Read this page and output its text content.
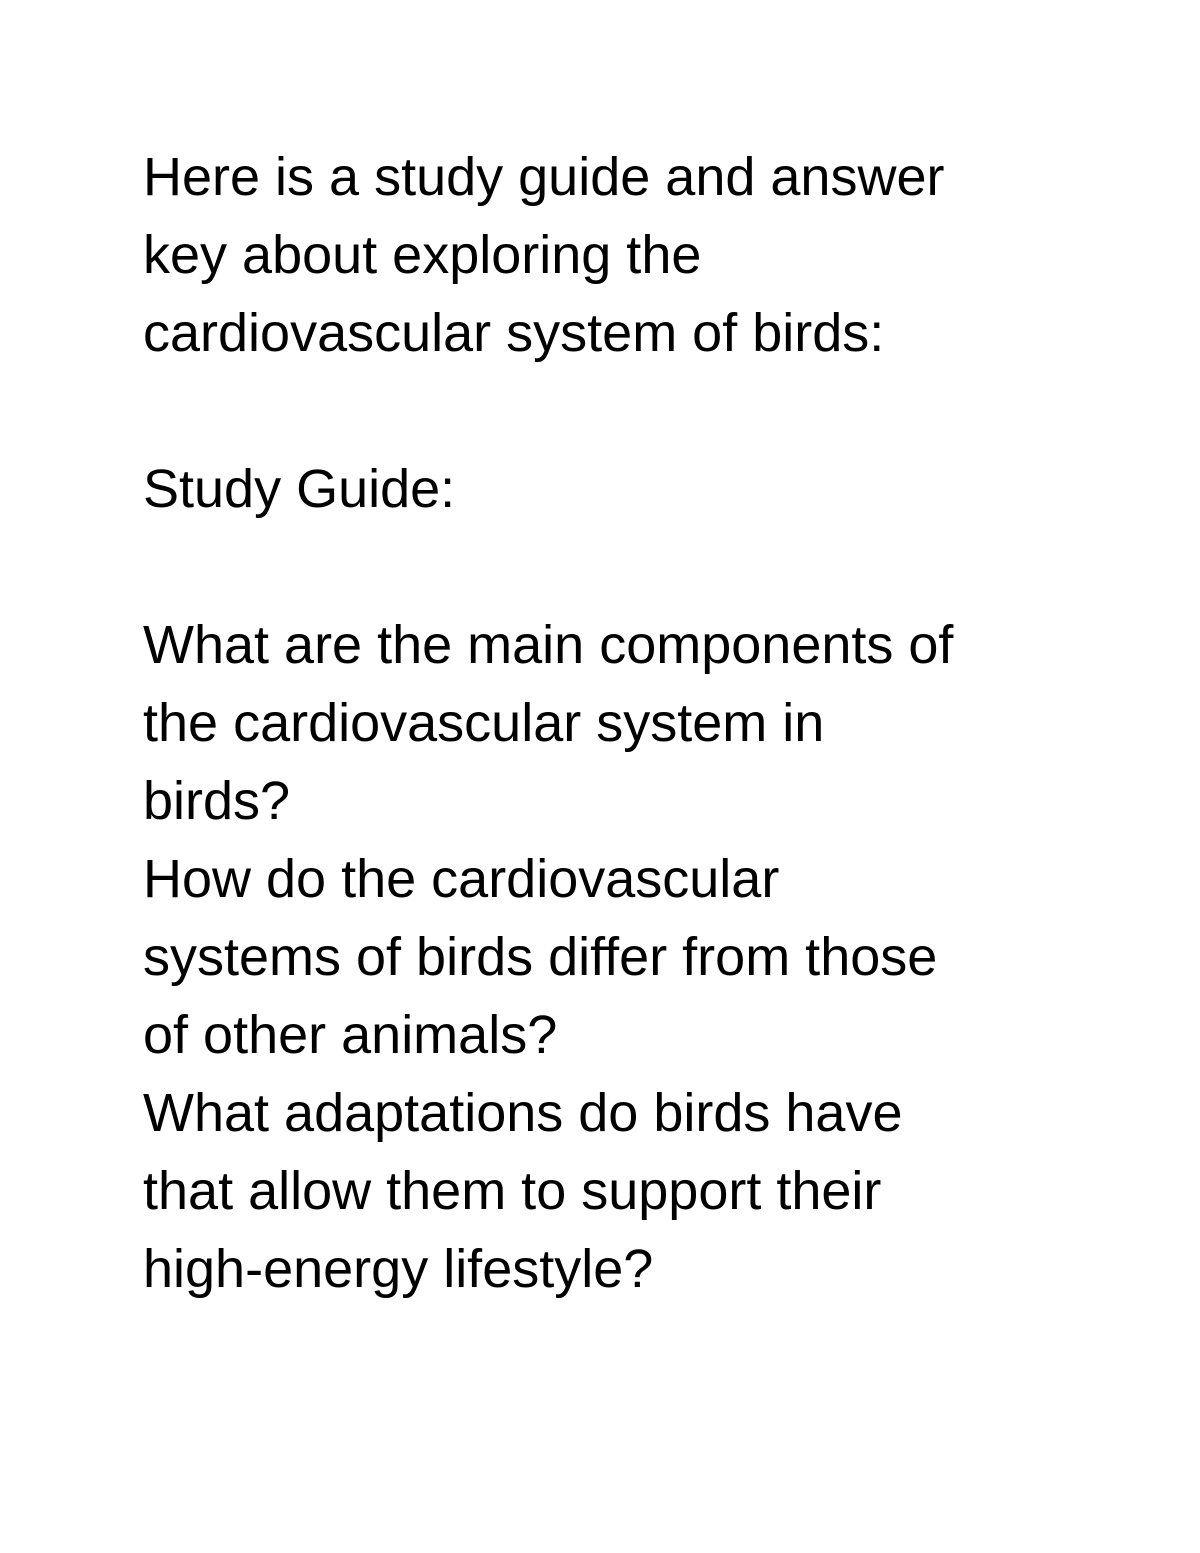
Here is a study guide and answer
key about exploring the
cardiovascular system of birds:
Study Guide:
What are the main components of
the cardiovascular system in
birds?
How do the cardiovascular
systems of birds differ from those
of other animals?
What adaptations do birds have
that allow them to support their
high-energy lifestyle?
